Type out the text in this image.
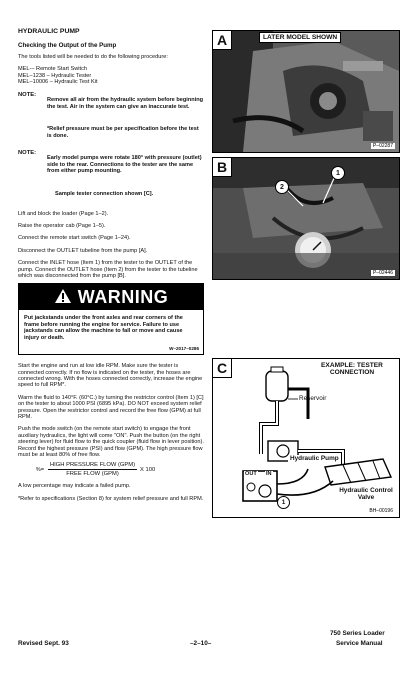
HYDRAULIC PUMP

Checking the Output of the Pump

The tools listed will be needed to do the following procedure:

MEL-– Remote Start Switch

MEL–1238 – Hydraulic Tester

MEL–10006 – Hydraulic Test Kit

NOTE:

Remove all air from the hydraulic system before beginning the test. Air in the system can give an inaccurate test.

*Relief pressure must be per specification before the test is done.

NOTE:

Early model pumps were rotate 180° with pressure (outlet) side to the rear. Connections to the tester are the same from either pump mounting.

Sample tester connection shown [C].

Lift and block the loader (Page 1–2).

Raise the operator cab (Page 1–5).

Connect the remote start switch (Page 1–24).

Disconnect the OUTLET tubeline from the pump [A].

Connect the INLET hose (Item 1) from the tester to the OUTLET of the pump. Connect the OUTLET hose (Item 2) from the tester to the tubeline which was disconnected from the pump [B].

WARNING

Put jackstands under the front axles and rear corners of the frame before running the engine for service. Failure to use jackstands can allow the machine to fall or move and cause injury or death.

W–2017–0286

Start the engine and run at low idle RPM. Make sure the tester is connected correctly. If no flow is indicated on the tester, the hoses are connected wrong. With the hoses connected correctly, increase the engine speed to full RPM*.

Warm the fluid to 140°F. (60°C.) by turning the restrictor control (Item 1) [C] on the tester to about 1000 PSI (6895 kPa). DO NOT exceed system relief pressure. Open the restrictor control and record the free flow (GPM) at full RPM.

Push the mode switch (on the remote start switch) to engage the front auxiliary hydraulics, the light will come "ON". Push the button (on the right steering lever) for fluid flow to the quick coupler (fluid flow in lever position). Record the highest pressure (PSI) and flow (GPM). The high pressure flow must be at least 80% of free flow.

%= $\frac{\text{HIGH PRESSURE FLOW (GPM)}}{\text{FREE FLOW (GPM)}}$ X 100

A low percentage may indicate a failed pump.

*Refer to specifications (Section 8) for system relief pressure and full RPM.

A	LATER MODEL SHOWN
P–02287
B
2
1
P–02446
C	EXAMPLE: TESTER CONNECTION
Reservoir
Hydraulic Pump
Hydraulic Control Valve
OUT IN
1
BH–00196
Revised Sept. 93	–2–10–
750 Series Loader
Service Manual
